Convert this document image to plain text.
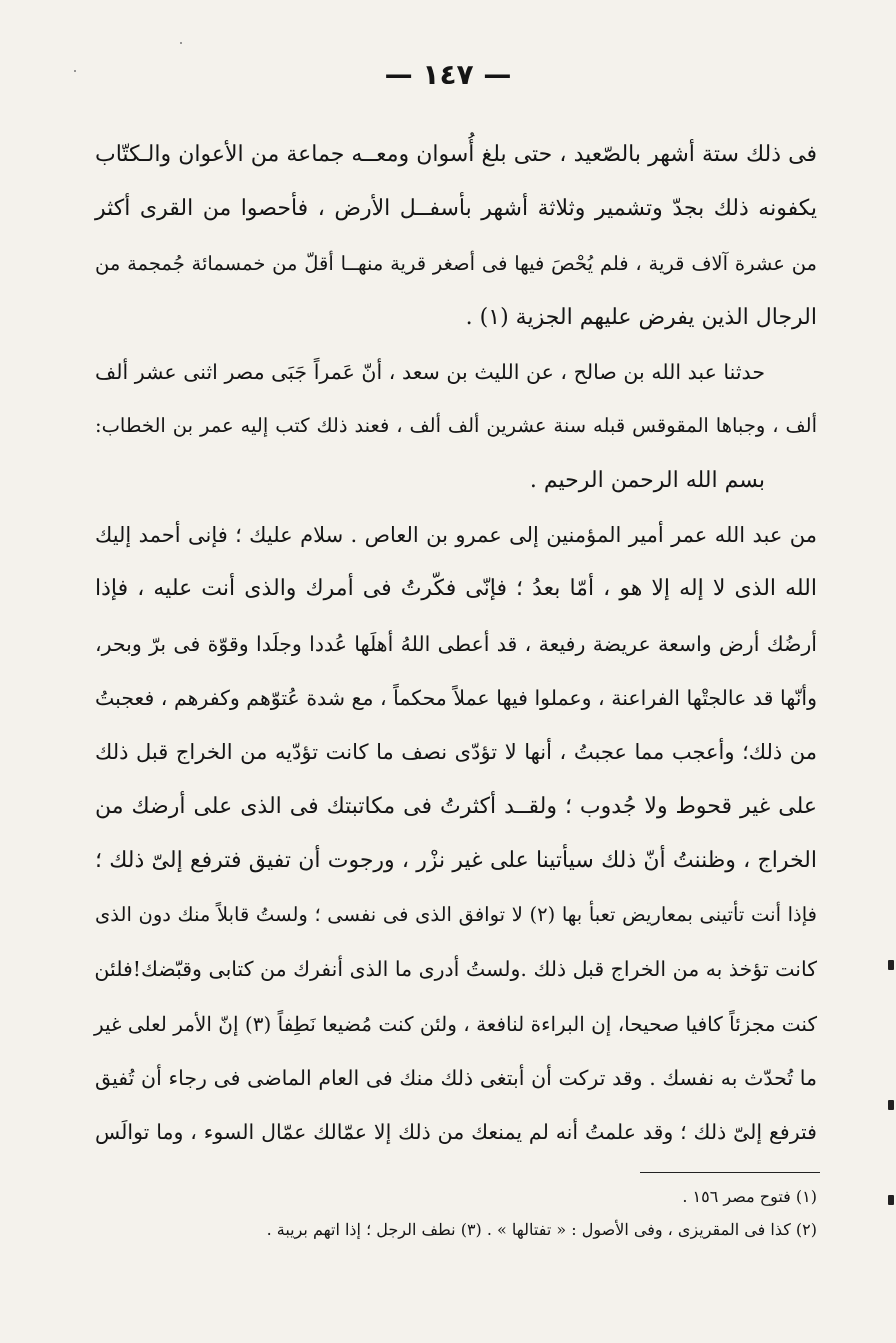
— ١٤٧ —
فى ذلك ستة أشهر بالصّعيد ، حتى بلغ أُسوان ومعــه جماعة من الأعوان والـكتّاب
يكفونه ذلك بجدّ وتشمير وثلاثة أشهر بأسفــل الأرض ، فأحصوا من القرى أكثر
من عشرة آلاف قرية ، فلم يُحْصَ فيها فى أصغر قرية منهــا أقلّ من خمسمائة جُمجمة من
الرجال الذين يفرض عليهم الجزية (١) .
حدثنا عبد الله بن صالح ، عن الليث بن سعد ، أنّ عَمراً جَبَى مصر اثنى عشر ألف
ألف ، وجباها المقوقس قبله سنة عشرين ألف ألف ، فعند ذلك كتب إليه عمر بن الخطاب:
بسم الله الرحمن الرحيم .
من عبد الله عمر أمير المؤمنين إلى عمرو بن العاص . سلام عليك ؛ فإنى أحمد إليك
الله الذى لا إله إلا هو ، أمّا بعدُ ؛ فإنّى فكّرتُ فى أمرك والذى أنت عليه ، فإذا
أرضُك أرض واسعة عريضة رفيعة ، قد أعطى اللهُ أهلَها عُددا وجلَدا وقوّة فى برّ وبحر،
وأنّها قد عالجتْها الفراعنة ، وعملوا فيها عملاً محكماً ، مع شدة عُتوّهم وكفرهم ، فعجبتُ
من ذلك؛ وأعجب مما عجبتُ ، أنها لا تؤدّى نصف ما كانت تؤدّيه من الخراج قبل ذلك
على غير قحوط ولا جُدوب ؛ ولقــد أكثرتُ فى مكاتبتك فى الذى على أرضك من
الخراج ، وظننتُ أنّ ذلك سيأتينا على غير نزْر ، ورجوت أن تفيق فترفع إلىّ ذلك ؛
فإذا أنت تأتينى بمعاريض تعبأ بها (٢) لا توافق الذى فى نفسى ؛ ولستُ قابلاً منك دون الذى
كانت تؤخذ به من الخراج قبل ذلك .ولستُ أدرى ما الذى أنفرك من كتابى وقبّضك!فلئن
كنت مجزئاً كافيا صحيحا، إن البراءة لنافعة ، ولئن كنت مُضيعا نَطِفاً (٣) إنّ الأمر لعلى غير
ما تُحدّث به نفسك . وقد تركت أن أبتغى ذلك منك فى العام الماضى فى رجاء أن تُفيق
فترفع إلىّ ذلك ؛ وقد علمتُ أنه لم يمنعك من ذلك إلا عمّالك عمّال السوء ، وما توالَس
(١) فتوح مصر ١٥٦ .
(٢) كذا فى المقريزى ، وفى الأصول : « تفتالها » . (٣) نطف الرجل ؛ إذا اتهم بريبة .
